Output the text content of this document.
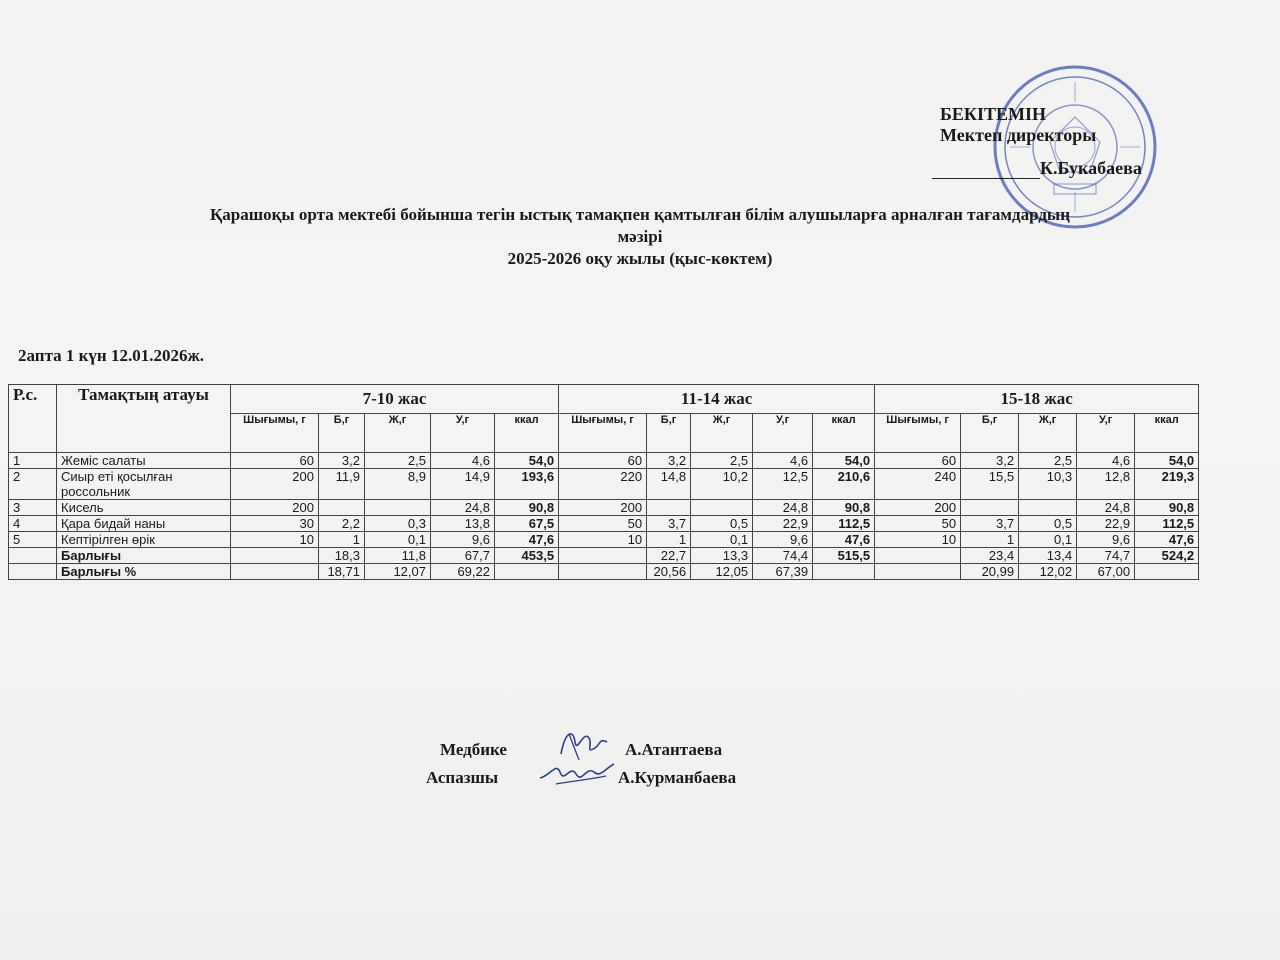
БЕКІТЕМІН
Мектеп директоры
К.Букабаева
Қарашоқы орта мектебі бойынша тегін ыстық тамақпен қамтылған білім алушыларға арналған тағамдардың
мәзірі
2025-2026 оқу жылы (қыс-көктем)
2апта 1 күн 12.01.2026ж.
Р.с.	Тамақтың атауы	7-10 жас					11-14 жас					15-18 жас				
		Шығымы, г	Б,г	Ж,г	У,г	ккал	Шығымы, г	Б,г	Ж,г	У,г	ккал	Шығымы, г	Б,г	Ж,г	У,г	ккал
1	Жеміс салаты	60	3,2	2,5	4,6	54,0	60	3,2	2,5	4,6	54,0	60	3,2	2,5	4,6	54,0
2	Сиыр еті қосылған россольник	200	11,9	8,9	14,9	193,6	220	14,8	10,2	12,5	210,6	240	15,5	10,3	12,8	219,3
3	Кисель	200			24,8	90,8	200			24,8	90,8	200			24,8	90,8
4	Қара бидай наны	30	2,2	0,3	13,8	67,5	50	3,7	0,5	22,9	112,5	50	3,7	0,5	22,9	112,5
5	Кептірілген өрік	10	1	0,1	9,6	47,6	10	1	0,1	9,6	47,6	10	1	0,1	9,6	47,6
	Барлығы		18,3	11,8	67,7	453,5		22,7	13,3	74,4	515,5		23,4	13,4	74,7	524,2
	Барлығы %		18,71	12,07	69,22			20,56	12,05	67,39			20,99	12,02	67,00	
Медбике	А.Атантаева
Аспазшы	А.Курманбаева
